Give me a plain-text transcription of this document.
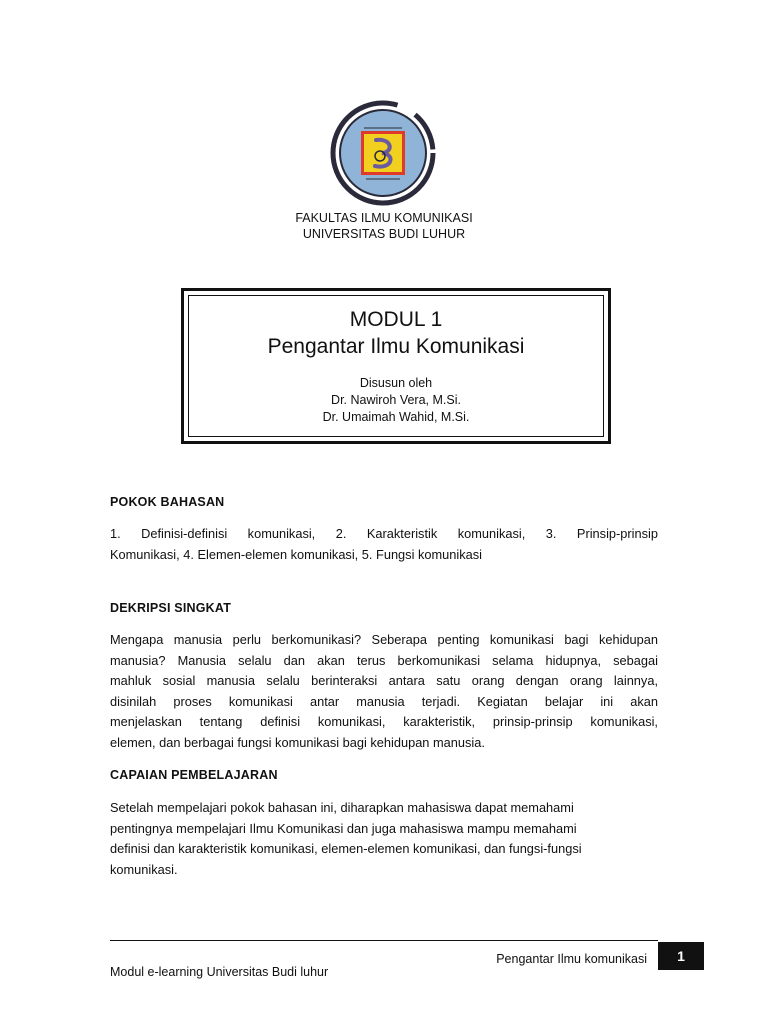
FAKULTAS ILMU KOMUNIKASI
UNIVERSITAS BUDI LUHUR
MODUL 1
Pengantar Ilmu Komunikasi
Disusun oleh
Dr. Nawiroh Vera, M.Si.
Dr. Umaimah Wahid, M.Si.
POKOK BAHASAN
1. Definisi-definisi komunikasi, 2. Karakteristik komunikasi, 3. Prinsip-prinsip
Komunikasi, 4. Elemen-elemen komunikasi, 5. Fungsi komunikasi
DEKRIPSI SINGKAT
Mengapa manusia perlu berkomunikasi? Seberapa penting komunikasi bagi kehidupan
manusia? Manusia selalu dan akan terus berkomunikasi selama hidupnya, sebagai
mahluk sosial manusia selalu berinteraksi antara satu orang dengan orang lainnya,
disinilah proses komunikasi antar manusia terjadi. Kegiatan belajar ini akan
menjelaskan tentang definisi komunikasi, karakteristik, prinsip-prinsip komunikasi,
elemen, dan berbagai fungsi komunikasi bagi kehidupan manusia.
CAPAIAN PEMBELAJARAN
Setelah mempelajari pokok bahasan ini, diharapkan mahasiswa dapat memahami
pentingnya mempelajari Ilmu Komunikasi dan juga mahasiswa mampu memahami
definisi dan karakteristik komunikasi, elemen-elemen komunikasi, dan fungsi-fungsi
komunikasi.
Pengantar Ilmu komunikasi	1
Modul e-learning Universitas Budi luhur
